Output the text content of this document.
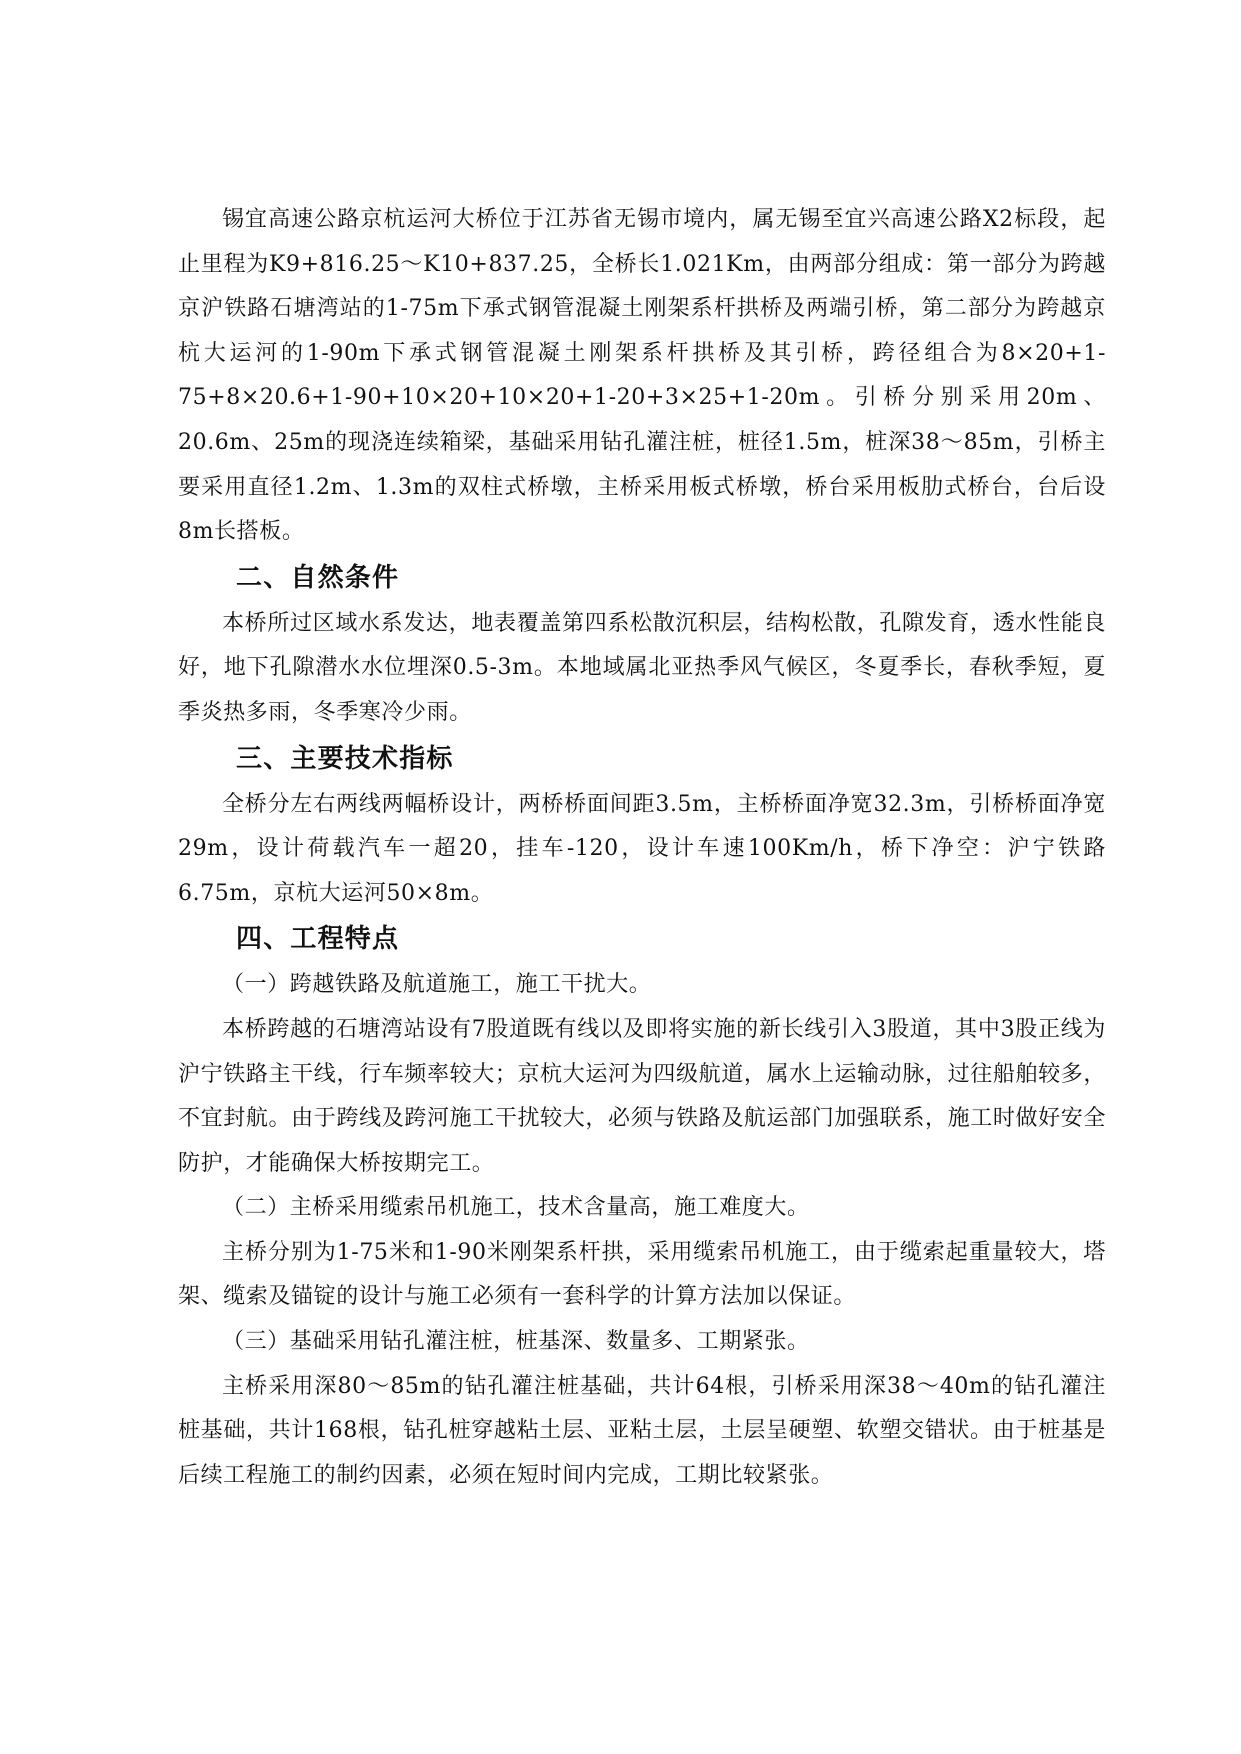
锡宜高速公路京杭运河大桥位于江苏省无锡市境内，属无锡至宜兴高速公路X2标段，起止里程为K9+816.25～K10+837.25，全桥长1.021Km，由两部分组成：第一部分为跨越京沪铁路石塘湾站的1-75m下承式钢管混凝土刚架系杆拱桥及两端引桥，第二部分为跨越京杭大运河的1-90m下承式钢管混凝土刚架系杆拱桥及其引桥，跨径组合为8×20+1-75+8×20.6+1-90+10×20+10×20+1-20+3×25+1-20m。引桥分别采用20m、20.6m、25m的现浇连续箱梁，基础采用钻孔灌注桩，桩径1.5m，桩深38～85m，引桥主要采用直径1.2m、1.3m的双柱式桥墩，主桥采用板式桥墩，桥台采用板肋式桥台，台后设8m长搭板。

二、自然条件

本桥所过区域水系发达，地表覆盖第四系松散沉积层，结构松散，孔隙发育，透水性能良好，地下孔隙潜水水位埋深0.5-3m。本地域属北亚热季风气候区，冬夏季长，春秋季短，夏季炎热多雨，冬季寒冷少雨。

三、主要技术指标

全桥分左右两线两幅桥设计，两桥桥面间距3.5m，主桥桥面净宽32.3m，引桥桥面净宽29m，设计荷载汽车一超20，挂车-120，设计车速100Km/h，桥下净空：沪宁铁路6.75m，京杭大运河50×8m。

四、工程特点

（一）跨越铁路及航道施工，施工干扰大。

本桥跨越的石塘湾站设有7股道既有线以及即将实施的新长线引入3股道，其中3股正线为沪宁铁路主干线，行车频率较大；京杭大运河为四级航道，属水上运输动脉，过往船舶较多，不宜封航。由于跨线及跨河施工干扰较大，必须与铁路及航运部门加强联系，施工时做好安全防护，才能确保大桥按期完工。

（二）主桥采用缆索吊机施工，技术含量高，施工难度大。

主桥分别为1-75米和1-90米刚架系杆拱，采用缆索吊机施工，由于缆索起重量较大，塔架、缆索及锚锭的设计与施工必须有一套科学的计算方法加以保证。

（三）基础采用钻孔灌注桩，桩基深、数量多、工期紧张。

主桥采用深80～85m的钻孔灌注桩基础，共计64根，引桥采用深38～40m的钻孔灌注桩基础，共计168根，钻孔桩穿越粘土层、亚粘土层，土层呈硬塑、软塑交错状。由于桩基是后续工程施工的制约因素，必须在短时间内完成，工期比较紧张。
